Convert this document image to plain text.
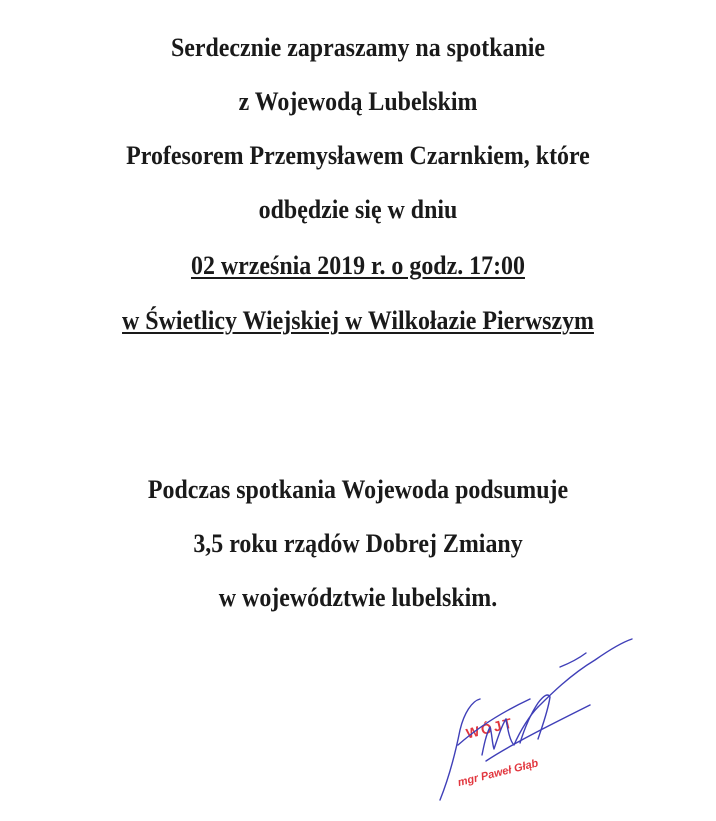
Serdecznie zapraszamy na spotkanie
z Wojewodą Lubelskim
Profesorem Przemysławem Czarnkiem, które
odbędzie się w dniu
02 września 2019 r. o godz. 17:00
w Świetlicy Wiejskiej w Wilkołazie Pierwszym
Podczas spotkania Wojewoda podsumuje
3,5 roku rządów Dobrej Zmiany
w województwie lubelskim.
WÓJT
mgr Paweł Głąb
